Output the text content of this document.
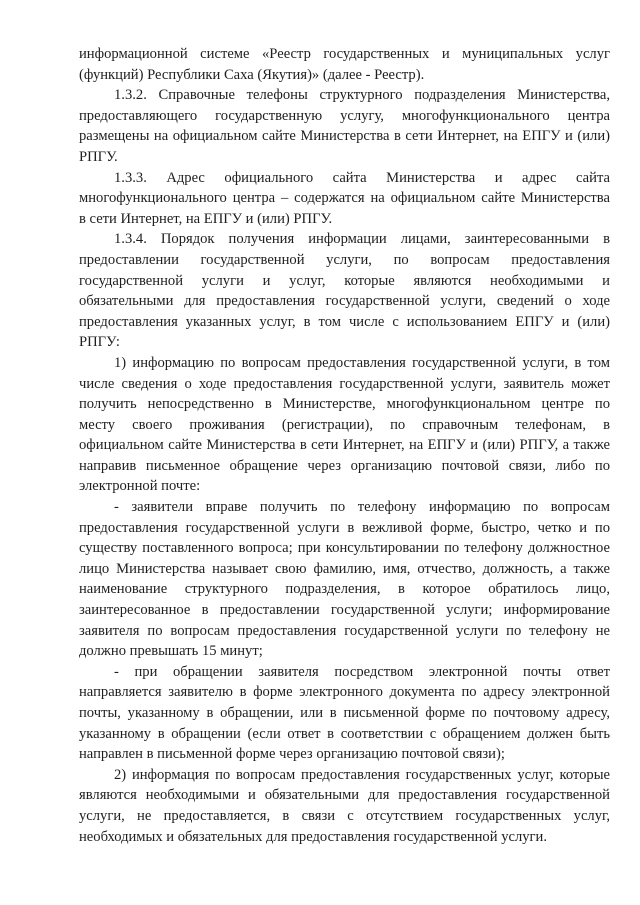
информационной системе «Реестр государственных и муниципальных услуг
(функций) Республики Саха (Якутия)» (далее - Реестр).
1.3.2. Справочные телефоны структурного подразделения Министерства,
предоставляющего государственную услугу, многофункционального центра
размещены на официальном сайте Министерства в сети Интернет, на ЕПГУ и (или)
РПГУ.
1.3.3. Адрес официального сайта Министерства и адрес сайта
многофункционального центра – содержатся на официальном сайте Министерства
в сети Интернет, на ЕПГУ и (или) РПГУ.
1.3.4. Порядок получения информации лицами, заинтересованными в
предоставлении государственной услуги, по вопросам предоставления
государственной услуги и услуг, которые являются необходимыми и
обязательными для предоставления государственной услуги, сведений о ходе
предоставления указанных услуг, в том числе с использованием ЕПГУ и (или)
РПГУ:
1) информацию по вопросам предоставления государственной услуги, в том
числе сведения о ходе предоставления государственной услуги, заявитель может
получить непосредственно в Министерстве, многофункциональном центре по
месту своего проживания (регистрации), по справочным телефонам, в
официальном сайте Министерства в сети Интернет, на ЕПГУ и (или) РПГУ, а также
направив письменное обращение через организацию почтовой связи, либо по
электронной почте:
- заявители вправе получить по телефону информацию по вопросам
предоставления государственной услуги в вежливой форме, быстро, четко и по
существу поставленного вопроса; при консультировании по телефону должностное
лицо Министерства называет свою фамилию, имя, отчество, должность, а также
наименование структурного подразделения, в которое обратилось лицо,
заинтересованное в предоставлении государственной услуги; информирование
заявителя по вопросам предоставления государственной услуги по телефону не
должно превышать 15 минут;
- при обращении заявителя посредством электронной почты ответ
направляется заявителю в форме электронного документа по адресу электронной
почты, указанному в обращении, или в письменной форме по почтовому адресу,
указанному в обращении (если ответ в соответствии с обращением должен быть
направлен в письменной форме через организацию почтовой связи);
2) информация по вопросам предоставления государственных услуг, которые
являются необходимыми и обязательными для предоставления государственной
услуги, не предоставляется, в связи с отсутствием государственных услуг,
необходимых и обязательных для предоставления государственной услуги.
